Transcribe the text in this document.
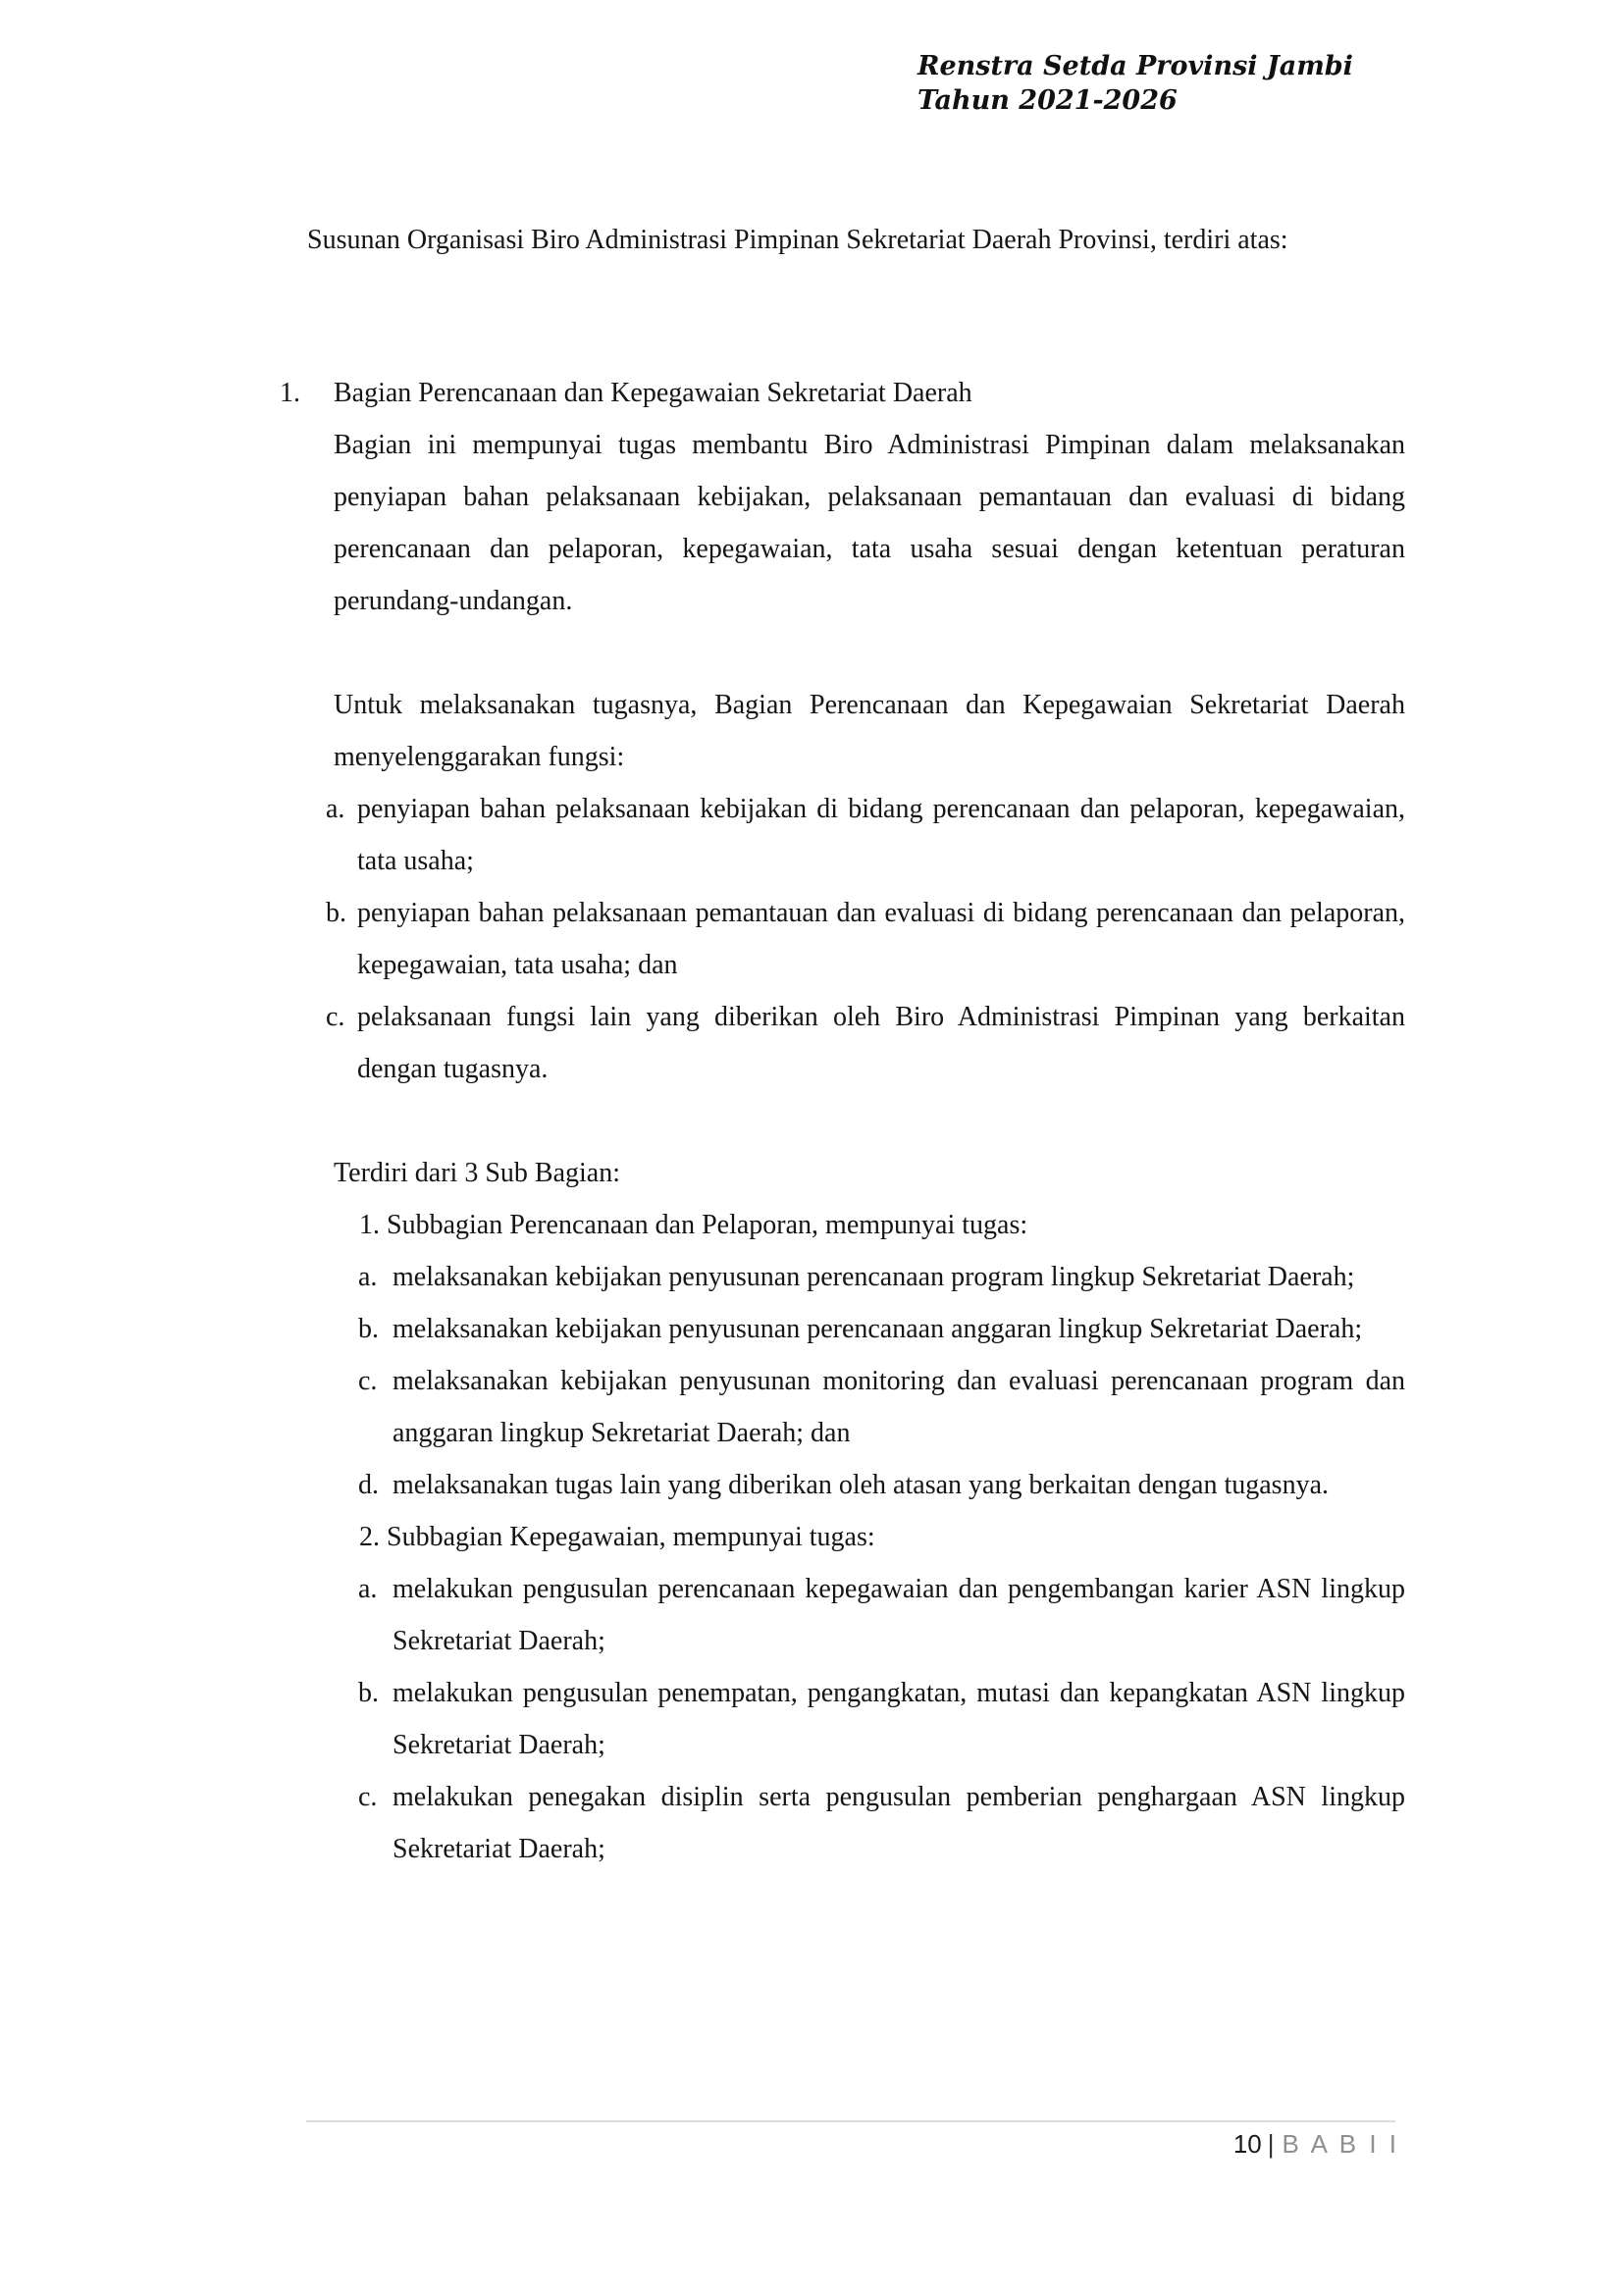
Renstra Setda Provinsi Jambi
Tahun 2021-2026

Susunan Organisasi Biro Administrasi Pimpinan Sekretariat Daerah Provinsi, terdiri atas:

1. Bagian Perencanaan dan Kepegawaian Sekretariat Daerah

Bagian ini mempunyai tugas membantu Biro Administrasi Pimpinan dalam melaksanakan penyiapan bahan pelaksanaan kebijakan, pelaksanaan pemantauan dan evaluasi di bidang perencanaan dan pelaporan, kepegawaian, tata usaha sesuai dengan ketentuan peraturan perundang-undangan.

Untuk melaksanakan tugasnya, Bagian Perencanaan dan Kepegawaian Sekretariat Daerah menyelenggarakan fungsi:

a. penyiapan bahan pelaksanaan kebijakan di bidang perencanaan dan pelaporan, kepegawaian, tata usaha;
b. penyiapan bahan pelaksanaan pemantauan dan evaluasi di bidang perencanaan dan pelaporan, kepegawaian, tata usaha; dan
c. pelaksanaan fungsi lain yang diberikan oleh Biro Administrasi Pimpinan yang berkaitan dengan tugasnya.

Terdiri dari 3 Sub Bagian:

1. Subbagian Perencanaan dan Pelaporan, mempunyai tugas:
a. melaksanakan kebijakan penyusunan perencanaan program lingkup Sekretariat Daerah;
b. melaksanakan kebijakan penyusunan perencanaan anggaran lingkup Sekretariat Daerah;
c. melaksanakan kebijakan penyusunan monitoring dan evaluasi perencanaan program dan anggaran lingkup Sekretariat Daerah; dan
d. melaksanakan tugas lain yang diberikan oleh atasan yang berkaitan dengan tugasnya.
2. Subbagian Kepegawaian, mempunyai tugas:
a. melakukan pengusulan perencanaan kepegawaian dan pengembangan karier ASN lingkup Sekretariat Daerah;
b. melakukan pengusulan penempatan, pengangkatan, mutasi dan kepangkatan ASN lingkup Sekretariat Daerah;
c. melakukan penegakan disiplin serta pengusulan pemberian penghargaan ASN lingkup Sekretariat Daerah;
10 | B A B I I
